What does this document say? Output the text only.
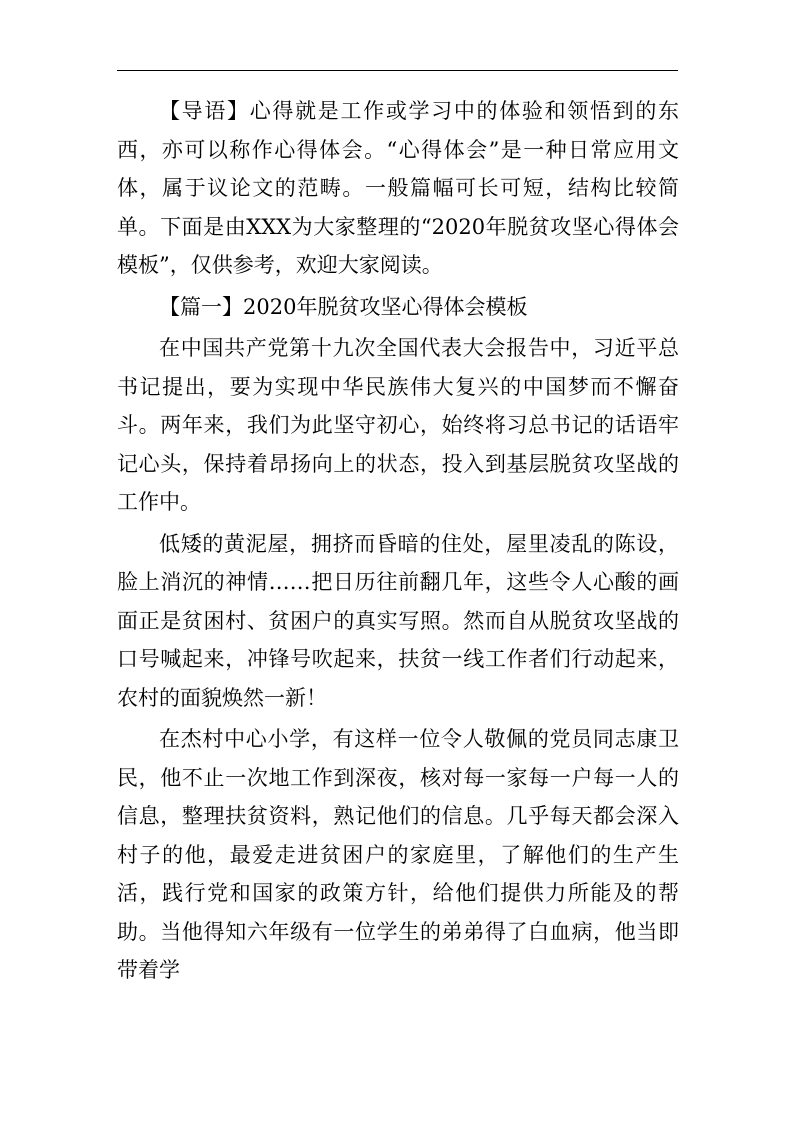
【导语】心得就是工作或学习中的体验和领悟到的东西，亦可以称作心得体会。“心得体会”是一种日常应用文体，属于议论文的范畴。一般篇幅可长可短，结构比较简单。下面是由XXX为大家整理的“2020年脱贫攻坚心得体会模板”，仅供参考，欢迎大家阅读。

【篇一】2020年脱贫攻坚心得体会模板

在中国共产党第十九次全国代表大会报告中，习近平总书记提出，要为实现中华民族伟大复兴的中国梦而不懈奋斗。两年来，我们为此坚守初心，始终将习总书记的话语牢记心头，保持着昂扬向上的状态，投入到基层脱贫攻坚战的工作中。

低矮的黄泥屋，拥挤而昏暗的住处，屋里凌乱的陈设，脸上消沉的神情……把日历往前翻几年，这些令人心酸的画面正是贫困村、贫困户的真实写照。然而自从脱贫攻坚战的口号喊起来，冲锋号吹起来，扶贫一线工作者们行动起来，农村的面貌焕然一新！

在杰村中心小学，有这样一位令人敬佩的党员同志康卫民，他不止一次地工作到深夜，核对每一家每一户每一人的信息，整理扶贫资料，熟记他们的信息。几乎每天都会深入村子的他，最爱走进贫困户的家庭里，了解他们的生产生活，践行党和国家的政策方针，给他们提供力所能及的帮助。当他得知六年级有一位学生的弟弟得了白血病，他当即带着学
